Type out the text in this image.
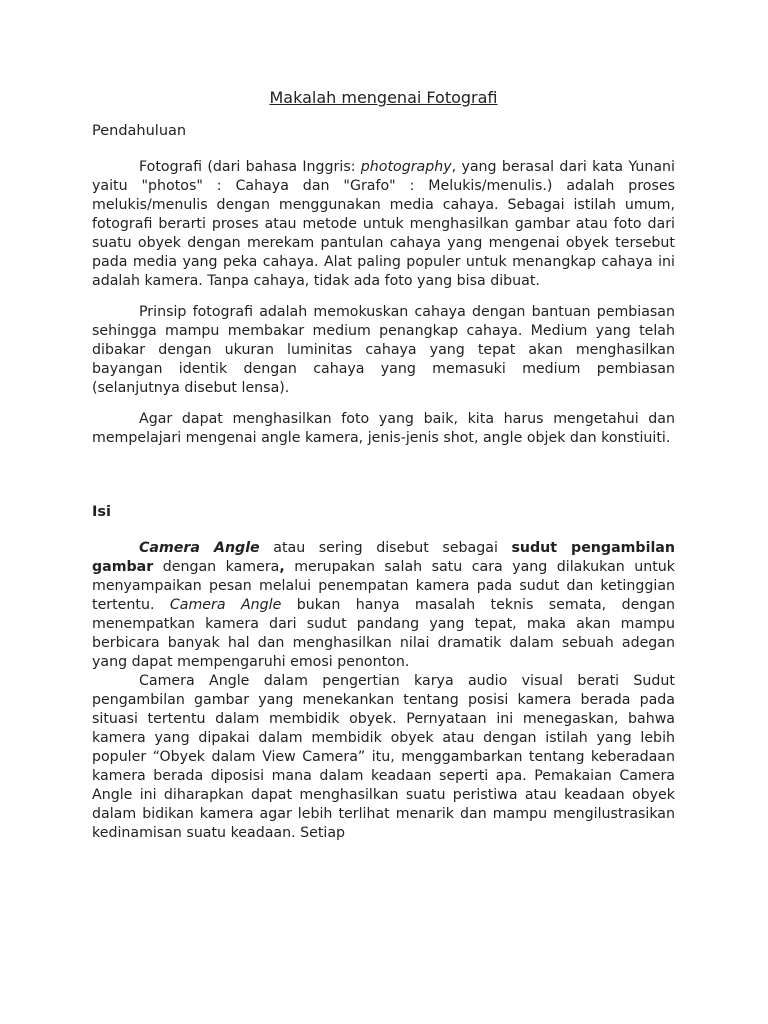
Makalah mengenai Fotografi
Pendahuluan

Fotografi (dari bahasa Inggris: photography, yang berasal dari kata Yunani yaitu "photos" : Cahaya dan "Grafo" : Melukis/menulis.) adalah proses melukis/menulis dengan menggunakan media cahaya. Sebagai istilah umum, fotografi berarti proses atau metode untuk menghasilkan gambar atau foto dari suatu obyek dengan merekam pantulan cahaya yang mengenai obyek tersebut pada media yang peka cahaya. Alat paling populer untuk menangkap cahaya ini adalah kamera. Tanpa cahaya, tidak ada foto yang bisa dibuat.

Prinsip fotografi adalah memokuskan cahaya dengan bantuan pembiasan sehingga mampu membakar medium penangkap cahaya. Medium yang telah dibakar dengan ukuran luminitas cahaya yang tepat akan menghasilkan bayangan identik dengan cahaya yang memasuki medium pembiasan (selanjutnya disebut lensa).

Agar dapat menghasilkan foto yang baik, kita harus mengetahui dan mempelajari mengenai angle kamera, jenis-jenis shot, angle objek dan konstiuiti.

Isi

Camera Angle atau sering disebut sebagai sudut pengambilan gambar dengan kamera, merupakan salah satu cara yang dilakukan untuk menyampaikan pesan melalui penempatan kamera pada sudut dan ketinggian tertentu. Camera Angle bukan hanya masalah teknis semata, dengan menempatkan kamera dari sudut pandang yang tepat, maka akan mampu berbicara banyak hal dan menghasilkan nilai dramatik dalam sebuah adegan yang dapat mempengaruhi emosi penonton.

Camera Angle dalam pengertian karya audio visual berati Sudut pengambilan gambar yang menekankan tentang posisi kamera berada pada situasi tertentu dalam membidik obyek. Pernyataan ini menegaskan, bahwa kamera yang dipakai dalam membidik obyek atau dengan istilah yang lebih populer “Obyek dalam View Camera” itu, menggambarkan tentang keberadaan kamera berada diposisi mana dalam keadaan seperti apa. Pemakaian Camera Angle ini diharapkan dapat menghasilkan suatu peristiwa atau keadaan obyek dalam bidikan kamera agar lebih terlihat menarik dan mampu mengilustrasikan kedinamisan suatu keadaan. Setiap
